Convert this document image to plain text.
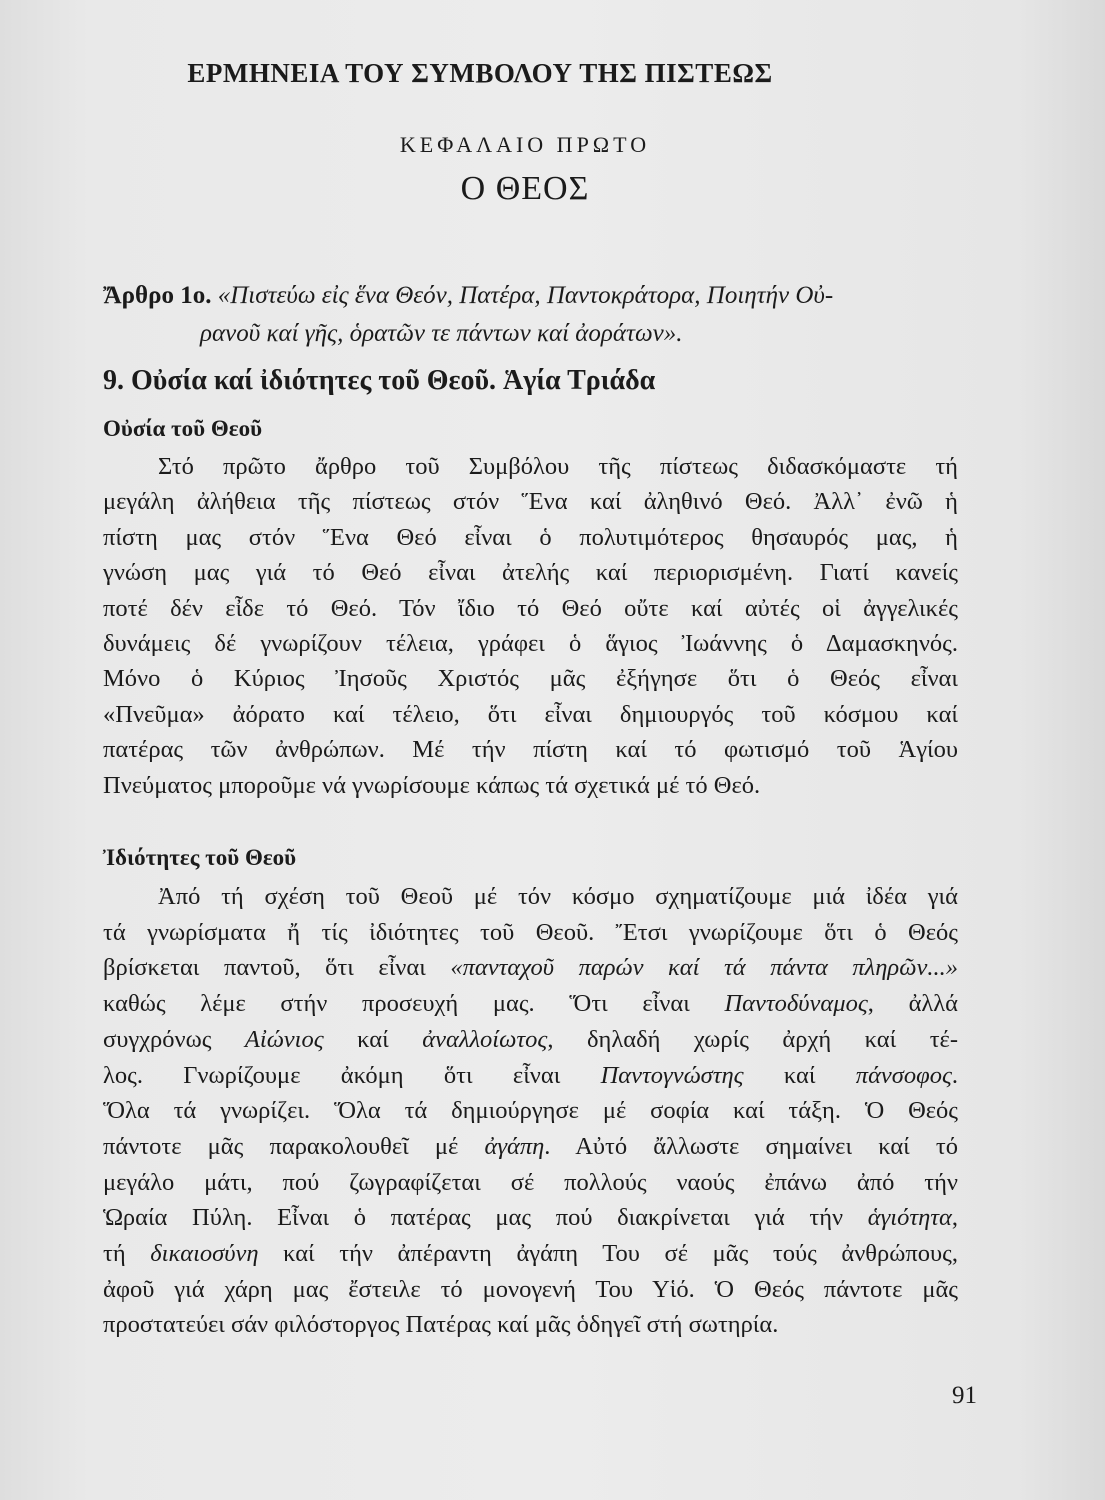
ΕΡΜΗΝΕΙΑ ΤΟΥ ΣΥΜΒΟΛΟΥ ΤΗΣ ΠΙΣΤΕΩΣ
ΚΕΦΑΛΑΙΟ ΠΡΩΤΟ
Ο ΘΕΟΣ
Ἄρθρο 1ο. «Πιστεύω εἰς ἕνα Θεόν, Πατέρα, Παντοκράτορα, Ποιητήν Οὐ-
ρανοῦ καί γῆς, ὁρατῶν τε πάντων καί ἀοράτων».
9. Οὐσία καί ἰδιότητες τοῦ Θεοῦ. Ἁγία Τριάδα
Οὐσία τοῦ Θεοῦ
Στό πρῶτο ἄρθρο τοῦ Συμβόλου τῆς πίστεως διδασκόμαστε τή
μεγάλη ἀλήθεια τῆς πίστεως στόν Ἕνα καί ἀληθινό Θεό. Ἀλλ᾽ ἐνῶ ἡ
πίστη μας στόν Ἕνα Θεό εἶναι ὁ πολυτιμότερος θησαυρός μας, ἡ
γνώση μας γιά τό Θεό εἶναι ἀτελής καί περιορισμένη. Γιατί κανείς
ποτέ δέν εἶδε τό Θεό. Τόν ἴδιο τό Θεό οὔτε καί αὐτές οἱ ἀγγελικές
δυνάμεις δέ γνωρίζουν τέλεια, γράφει ὁ ἅγιος Ἰωάννης ὁ Δαμασκηνός.
Μόνο ὁ Κύριος Ἰησοῦς Χριστός μᾶς ἐξήγησε ὅτι ὁ Θεός εἶναι
«Πνεῦμα» ἀόρατο καί τέλειο, ὅτι εἶναι δημιουργός τοῦ κόσμου καί
πατέρας τῶν ἀνθρώπων. Μέ τήν πίστη καί τό φωτισμό τοῦ Ἁγίου
Πνεύματος μποροῦμε νά γνωρίσουμε κάπως τά σχετικά μέ τό Θεό.
Ἰδιότητες τοῦ Θεοῦ
Ἀπό τή σχέση τοῦ Θεοῦ μέ τόν κόσμο σχηματίζουμε μιά ἰδέα γιά
τά γνωρίσματα ἤ τίς ἰδιότητες τοῦ Θεοῦ. Ἔτσι γνωρίζουμε ὅτι ὁ Θεός
βρίσκεται παντοῦ, ὅτι εἶναι «πανταχοῦ παρών καί τά πάντα πληρῶν...»
καθώς λέμε στήν προσευχή μας. Ὅτι εἶναι Παντοδύναμος, ἀλλά
συγχρόνως Αἰώνιος καί ἀναλλοίωτος, δηλαδή χωρίς ἀρχή καί τέ-
λος. Γνωρίζουμε ἀκόμη ὅτι εἶναι Παντογνώστης καί πάνσοφος.
Ὅλα τά γνωρίζει. Ὅλα τά δημιούργησε μέ σοφία καί τάξη. Ὁ Θεός
πάντοτε μᾶς παρακολουθεῖ μέ ἀγάπη. Αὐτό ἄλλωστε σημαίνει καί τό
μεγάλο μάτι, πού ζωγραφίζεται σέ πολλούς ναούς ἐπάνω ἀπό τήν
Ὡραία Πύλη. Εἶναι ὁ πατέρας μας πού διακρίνεται γιά τήν ἁγιότητα,
τή δικαιοσύνη καί τήν ἀπέραντη ἀγάπη Του σέ μᾶς τούς ἀνθρώπους,
ἀφοῦ γιά χάρη μας ἔστειλε τό μονογενή Του Υἱό. Ὁ Θεός πάντοτε μᾶς
προστατεύει σάν φιλόστοργος Πατέρας καί μᾶς ὁδηγεῖ στή σωτηρία.
91
